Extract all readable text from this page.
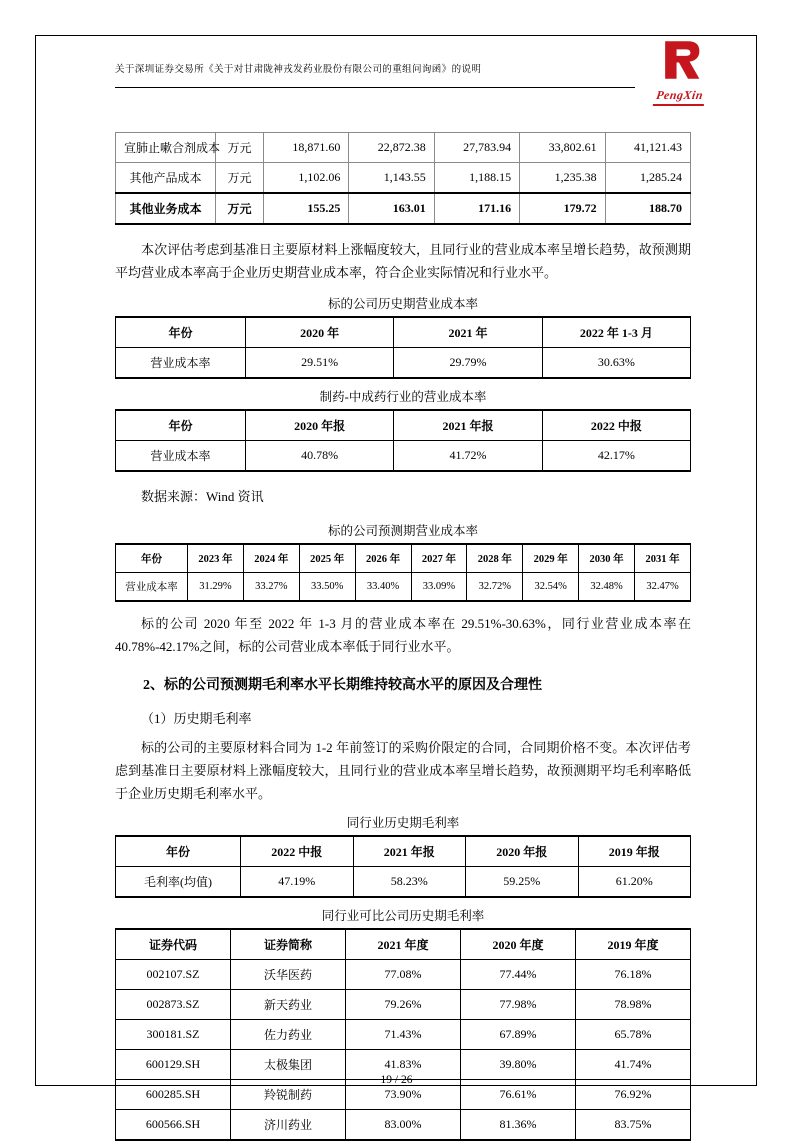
关于深圳证券交易所《关于对甘肃陇神戎发药业股份有限公司的重组问询函》的说明
PengXin
宣肺止嗽合剂成本	万元	18,871.60	22,872.38	27,783.94	33,802.61	41,121.43
其他产品成本	万元	1,102.06	1,143.55	1,188.15	1,235.38	1,285.24
其他业务成本	万元	155.25	163.01	171.16	179.72	188.70

本次评估考虑到基准日主要原材料上涨幅度较大，且同行业的营业成本率呈增长趋势，故预测期平均营业成本率高于企业历史期营业成本率，符合企业实际情况和行业水平。

标的公司历史期营业成本率
年份	2020 年	2021 年	2022 年 1-3 月
营业成本率	29.51%	29.79%	30.63%
制药-中成药行业的营业成本率
年份	2020 年报	2021 年报	2022 中报
营业成本率	40.78%	41.72%	42.17%
数据来源：Wind 资讯
标的公司预测期营业成本率
年份	2023 年	2024 年	2025 年	2026 年	2027 年	2028 年	2029 年	2030 年	2031 年
营业成本率	31.29%	33.27%	33.50%	33.40%	33.09%	32.72%	32.54%	32.48%	32.47%

标的公司 2020 年至 2022 年 1-3 月的营业成本率在 29.51%-30.63%，同行业营业成本率在 40.78%-42.17%之间，标的公司营业成本率低于同行业水平。

2、标的公司预测期毛利率水平长期维持较高水平的原因及合理性
（1）历史期毛利率

标的公司的主要原材料合同为 1-2 年前签订的采购价限定的合同，合同期价格不变。本次评估考虑到基准日主要原材料上涨幅度较大，且同行业的营业成本率呈增长趋势，故预测期平均毛利率略低于企业历史期毛利率水平。

同行业历史期毛利率
年份	2022 中报	2021 年报	2020 年报	2019 年报
毛利率(均值)	47.19%	58.23%	59.25%	61.20%
同行业可比公司历史期毛利率
证券代码	证券简称	2021 年度	2020 年度	2019 年度
002107.SZ	沃华医药	77.08%	77.44%	76.18%
002873.SZ	新天药业	79.26%	77.98%	78.98%
300181.SZ	佐力药业	71.43%	67.89%	65.78%
600129.SH	太极集团	41.83%	39.80%	41.74%
600285.SH	羚锐制药	73.90%	76.61%	76.92%
600566.SH	济川药业	83.00%	81.36%	83.75%
19 / 26
